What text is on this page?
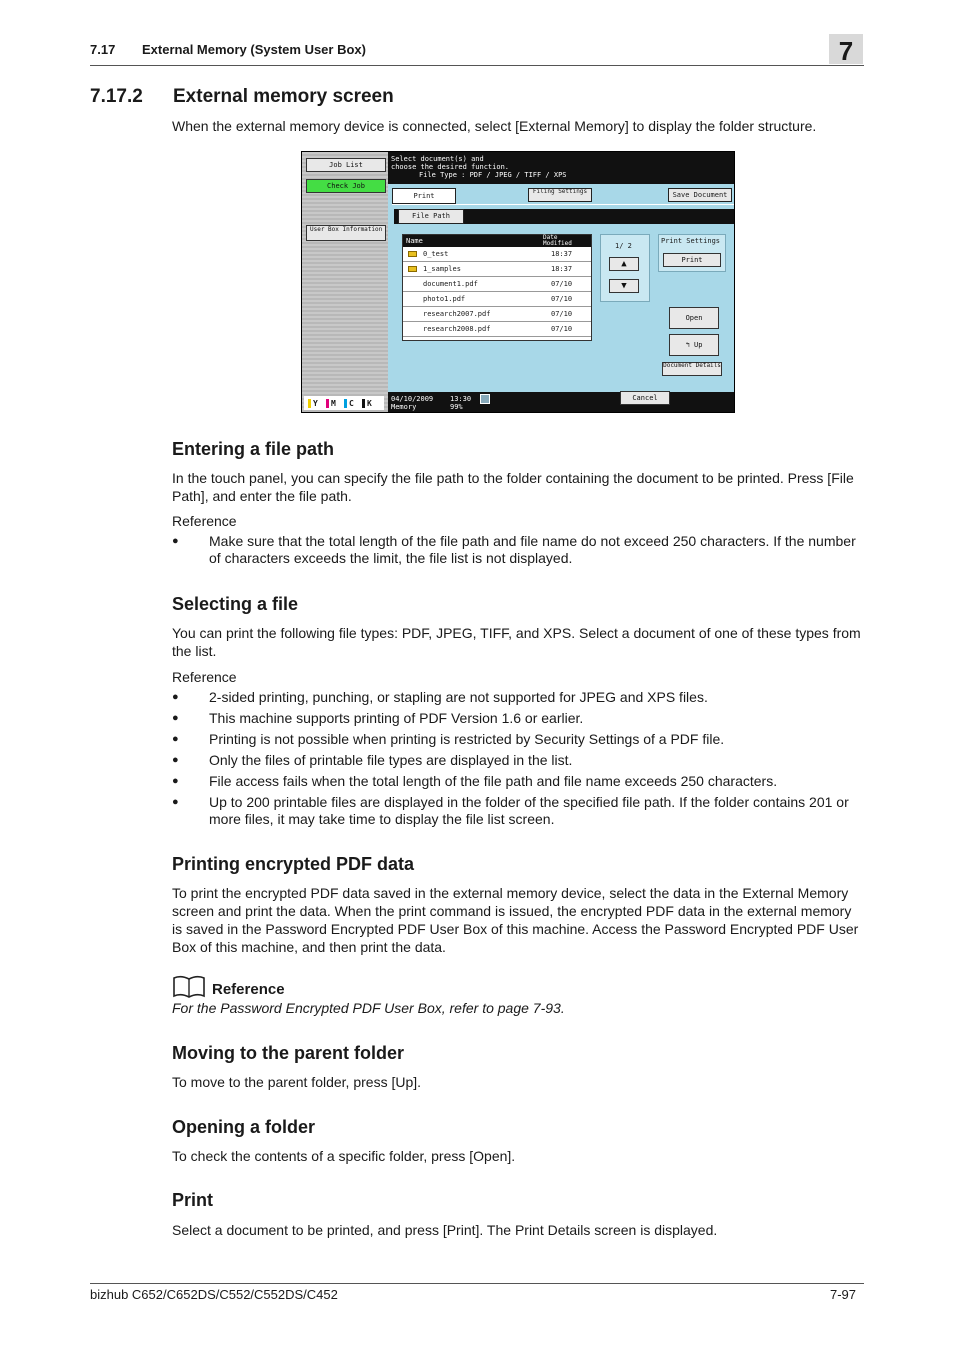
7.17 External Memory (System User Box)	7
7.17.2 External memory screen
When the external memory device is connected, select [External Memory] to display the folder structure.
Job List
Check Job
User Box Information
Select document(s) and
choose the desired function.
File Type : PDF / JPEG / TIFF / XPS
Print
Filing Settings	Save Document
File Path
Name	Date Modified
0_test	18:37
1_samples	18:37
document1.pdf	07/10
photo1.pdf	07/10
research2007.pdf	07/10
research2008.pdf	07/10
1/ 2
▲
▼
Print Settings
Print
Open
↰ Up
Document Details
04/10/2009 13:30
Memory	99%
Cancel
Y M C K
Entering a file path
In the touch panel, you can specify the file path to the folder containing the document to be printed. Press [File Path], and enter the file path.
Reference
● Make sure that the total length of the file path and file name do not exceed 250 characters. If the number of characters exceeds the limit, the file list is not displayed.
Selecting a file
You can print the following file types: PDF, JPEG, TIFF, and XPS. Select a document of one of these types from the list.
Reference
● 2-sided printing, punching, or stapling are not supported for JPEG and XPS files.
● This machine supports printing of PDF Version 1.6 or earlier.
● Printing is not possible when printing is restricted by Security Settings of a PDF file.
● Only the files of printable file types are displayed in the list.
● File access fails when the total length of the file path and file name exceeds 250 characters.
● Up to 200 printable files are displayed in the folder of the specified file path. If the folder contains 201 or more files, it may take time to display the file list screen.
Printing encrypted PDF data
To print the encrypted PDF data saved in the external memory device, select the data in the External Memory screen and print the data. When the print command is issued, the encrypted PDF data in the external memory is saved in the Password Encrypted PDF User Box of this machine. Access the Password Encrypted PDF User Box of this machine, and then print the data.
Reference
For the Password Encrypted PDF User Box, refer to page 7-93.
Moving to the parent folder
To move to the parent folder, press [Up].
Opening a folder
To check the contents of a specific folder, press [Open].
Print
Select a document to be printed, and press [Print]. The Print Details screen is displayed.
bizhub C652/C652DS/C552/C552DS/C452	7-97
